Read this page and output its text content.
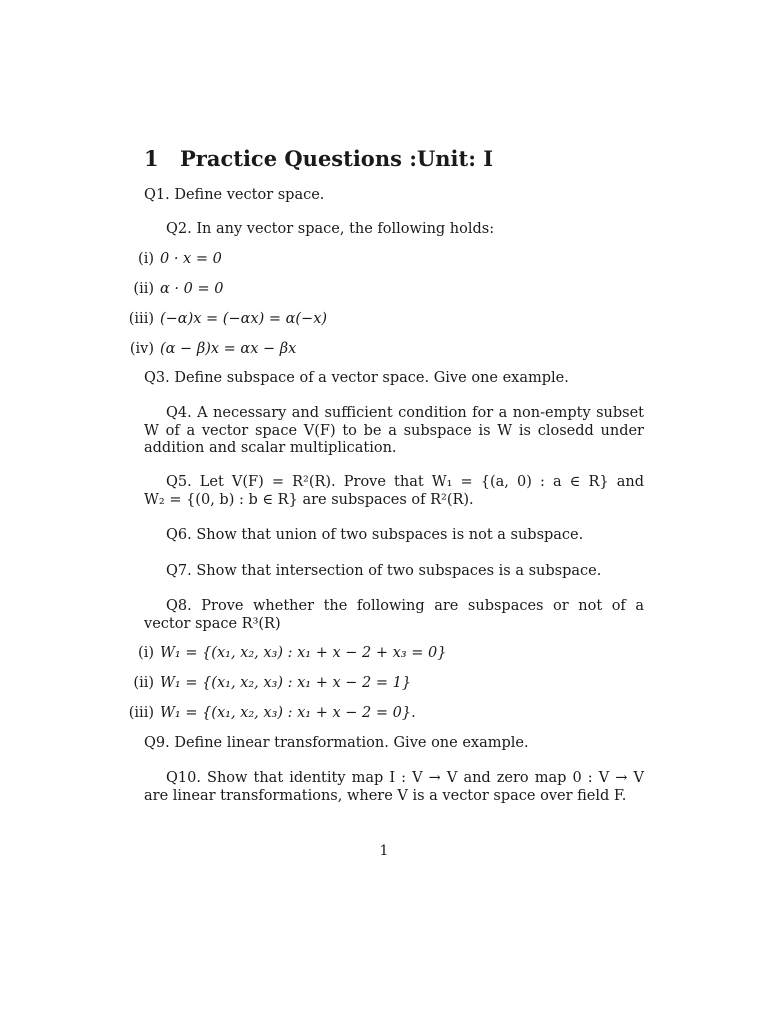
1 Practice Questions :Unit: I
Q1. Define vector space.
Q2. In any vector space, the following holds:
(i) 0 · x = 0
(ii) α · 0 = 0
(iii) (−α)x = (−αx) = α(−x)
(iv) (α − β)x = αx − βx
Q3. Define subspace of a vector space. Give one example.
Q4. A necessary and sufficient condition for a non-empty subset W of a vector space V(F) to be a subspace is W is closedd under addition and scalar multiplication.
Q5. Let V(F) = R²(R). Prove that W₁ = {(a, 0) : a ∈ R} and
W₂ = {(0, b) : b ∈ R} are subspaces of R²(R).
Q6. Show that union of two subspaces is not a subspace.
Q7. Show that intersection of two subspaces is a subspace.
Q8. Prove whether the following are subspaces or not of a vector space R³(R)
(i) W₁ = {(x₁, x₂, x₃) : x₁ + x − 2 + x₃ = 0}
(ii) W₁ = {(x₁, x₂, x₃) : x₁ + x − 2 = 1}
(iii) W₁ = {(x₁, x₂, x₃) : x₁ + x − 2 = 0}.
Q9. Define linear transformation. Give one example.
Q10. Show that identity map I : V → V and zero map 0 : V → V are linear transformations, where V is a vector space over field F.
1
